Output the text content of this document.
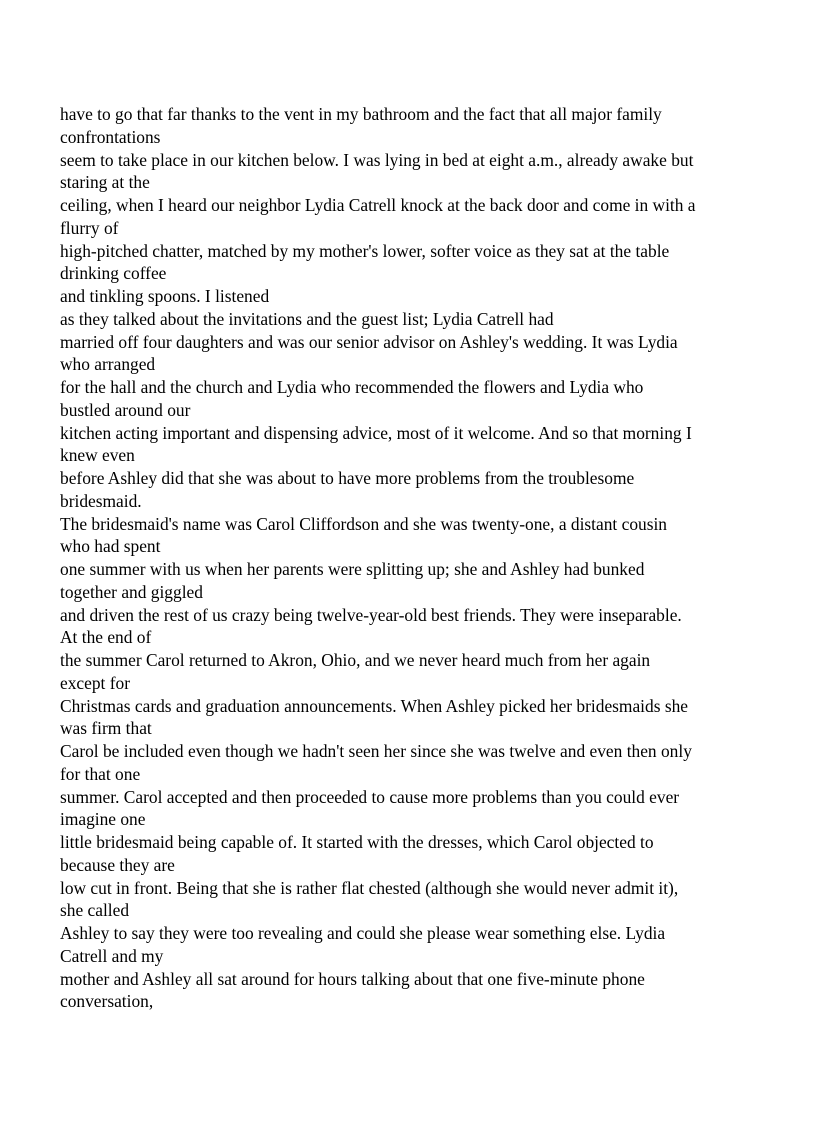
have to go that far thanks to the vent in my bathroom and the fact that all major family
confrontations
seem to take place in our kitchen below. I was lying in bed at eight a.m., already awake but
staring at the
ceiling, when I heard our neighbor Lydia Catrell knock at the back door and come in with a
flurry of
high-pitched chatter, matched by my mother's lower, softer voice as they sat at the table
drinking coffee
and tinkling spoons. I listened
as they talked about the invitations and the guest list; Lydia Catrell had
married off four daughters and was our senior advisor on Ashley's wedding. It was Lydia
who arranged
for the hall and the church and Lydia who recommended the flowers and Lydia who
bustled around our
kitchen acting important and dispensing advice, most of it welcome. And so that morning I
knew even
before Ashley did that she was about to have more problems from the troublesome
bridesmaid.
The bridesmaid's name was Carol Cliffordson and she was twenty-one, a distant cousin
who had spent
one summer with us when her parents were splitting up; she and Ashley had bunked
together and giggled
and driven the rest of us crazy being twelve-year-old best friends. They were inseparable.
At the end of
the summer Carol returned to Akron, Ohio, and we never heard much from her again
except for
Christmas cards and graduation announcements. When Ashley picked her bridesmaids she
was firm that
Carol be included even though we hadn't seen her since she was twelve and even then only
for that one
summer. Carol accepted and then proceeded to cause more problems than you could ever
imagine one
little bridesmaid being capable of. It started with the dresses, which Carol objected to
because they are
low cut in front. Being that she is rather flat chested (although she would never admit it),
she called
Ashley to say they were too revealing and could she please wear something else. Lydia
Catrell and my
mother and Ashley all sat around for hours talking about that one five-minute phone
conversation,
